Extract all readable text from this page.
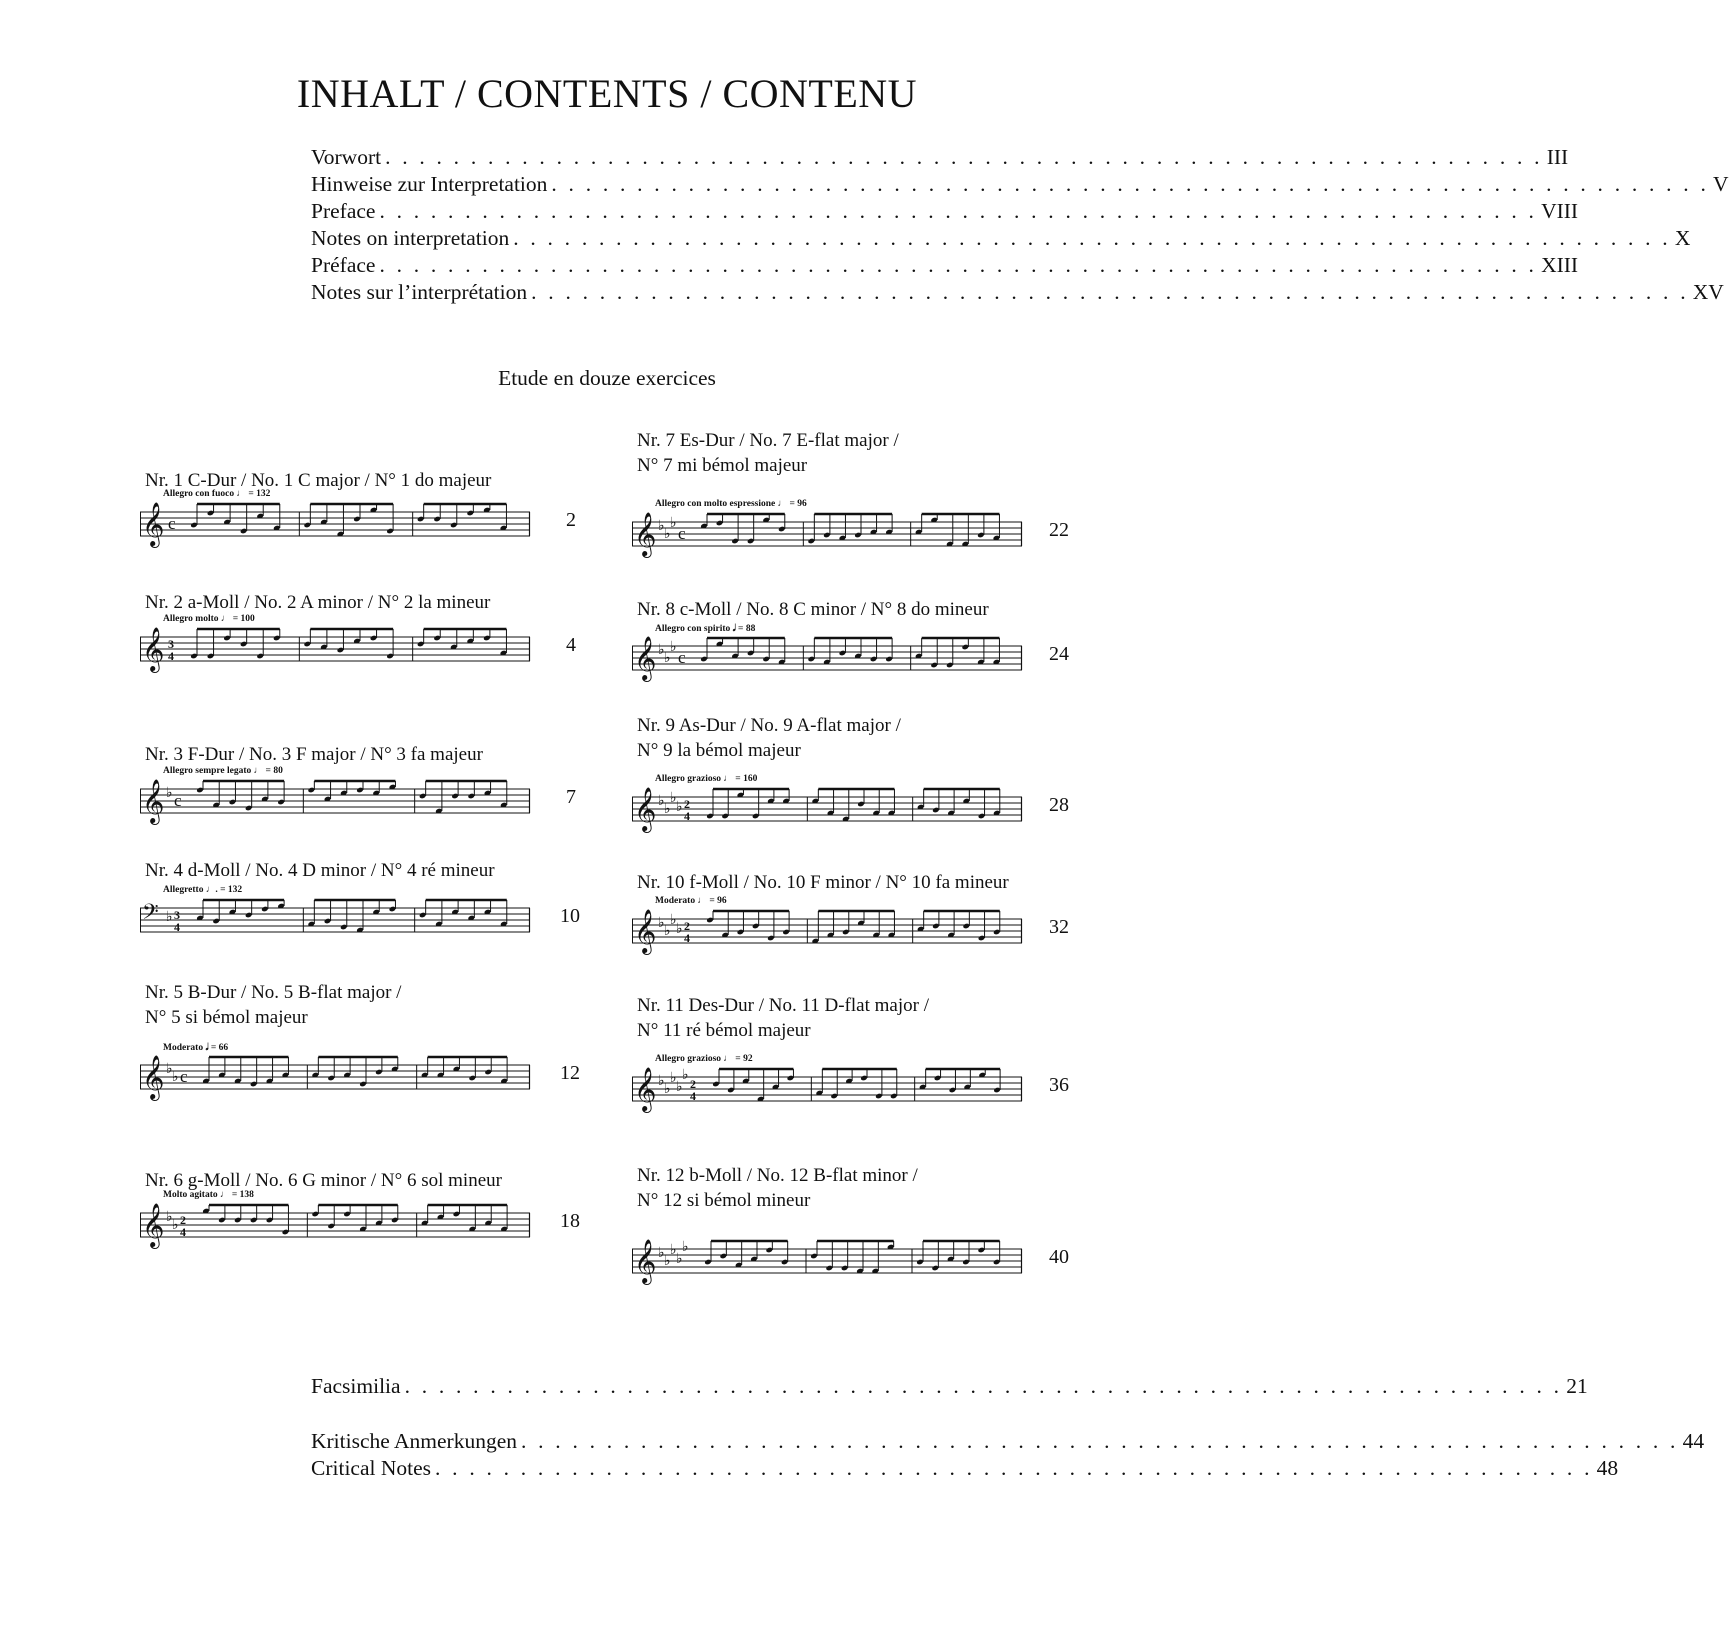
INHALT / CONTENTS / CONTENU
Vorwort . . . . . . . . . . . . . . . . . . . . . . . . . . . . . . . . . . . . . . . . . . . . . . . . . . . . . . . . . . . . . . . . . . . . III
Hinweise zur Interpretation . . . . . . . . . . . . . . . . . . . . . . . . . . . . . . . . . . . . . . . . . . . . . . . . . . . . . . . . . . . . . . . . . . . . V
Preface . . . . . . . . . . . . . . . . . . . . . . . . . . . . . . . . . . . . . . . . . . . . . . . . . . . . . . . . . . . . . . . . . . . . VIII
Notes on interpretation . . . . . . . . . . . . . . . . . . . . . . . . . . . . . . . . . . . . . . . . . . . . . . . . . . . . . . . . . . . . . . . . . . . . X
Préface . . . . . . . . . . . . . . . . . . . . . . . . . . . . . . . . . . . . . . . . . . . . . . . . . . . . . . . . . . . . . . . . . . . . XIII
Notes sur l’interprétation . . . . . . . . . . . . . . . . . . . . . . . . . . . . . . . . . . . . . . . . . . . . . . . . . . . . . . . . . . . . . . . . . . . . XV
Etude en douze exercices
Nr. 1 C-Dur / No. 1 C major / N° 1 do majeur
Allegro con fuoco ♩ = 132
𝄞 c	2
Nr. 2 a-Moll / No. 2 A minor / N° 2 la mineur
Allegro molto ♩ = 100
𝄞 3
4	4
Nr. 3 F-Dur / No. 3 F major / N° 3 fa majeur
Allegro sempre legato ♩ = 80
𝄞 ♭ c	7
Nr. 4 d-Moll / No. 4 D minor / N° 4 ré mineur
Allegretto ♩. = 132
𝄢 ♭ 3
4	10
Nr. 5 B-Dur / No. 5 B-flat major /
N° 5 si bémol majeur
Moderato 𝅗𝅥 = 66
𝄞 ♭ ♭ c	12
Nr. 6 g-Moll / No. 6 G minor / N° 6 sol mineur
Molto agitato ♩ = 138
𝄞 ♭ ♭ 2
4	18
Nr. 7 Es-Dur / No. 7 E-flat major /
N° 7 mi bémol majeur
Allegro con molto espressione ♩ = 96
𝄞 ♭ ♭
♭
c	22
Nr. 8 c-Moll / No. 8 C minor / N° 8 do mineur
Allegro con spirito 𝅗𝅥 = 88
𝄞 ♭ ♭
♭
c	24
Nr. 9 As-Dur / No. 9 A-flat major /
N° 9 la bémol majeur
Allegro grazioso ♩ = 160
𝄞 ♭ ♭
♭
♭ 2
4	28
Nr. 10 f-Moll / No. 10 F minor / N° 10 fa mineur
Moderato ♩ = 96
𝄞 ♭ ♭
♭
♭ 2
4	32
Nr. 11 Des-Dur / No. 11 D-flat major /
N° 11 ré bémol majeur
Allegro grazioso ♩ = 92
𝄞 ♭ ♭
♭
♭
♭
2
4	36
Nr. 12 b-Moll / No. 12 B-flat minor /
N° 12 si bémol mineur
𝄞 ♭ ♭
♭
♭
♭	40
Facsimilia . . . . . . . . . . . . . . . . . . . . . . . . . . . . . . . . . . . . . . . . . . . . . . . . . . . . . . . . . . . . . . . . . . . . 21
Kritische Anmerkungen . . . . . . . . . . . . . . . . . . . . . . . . . . . . . . . . . . . . . . . . . . . . . . . . . . . . . . . . . . . . . . . . . . . . 44
Critical Notes . . . . . . . . . . . . . . . . . . . . . . . . . . . . . . . . . . . . . . . . . . . . . . . . . . . . . . . . . . . . . . . . . . . . 48
